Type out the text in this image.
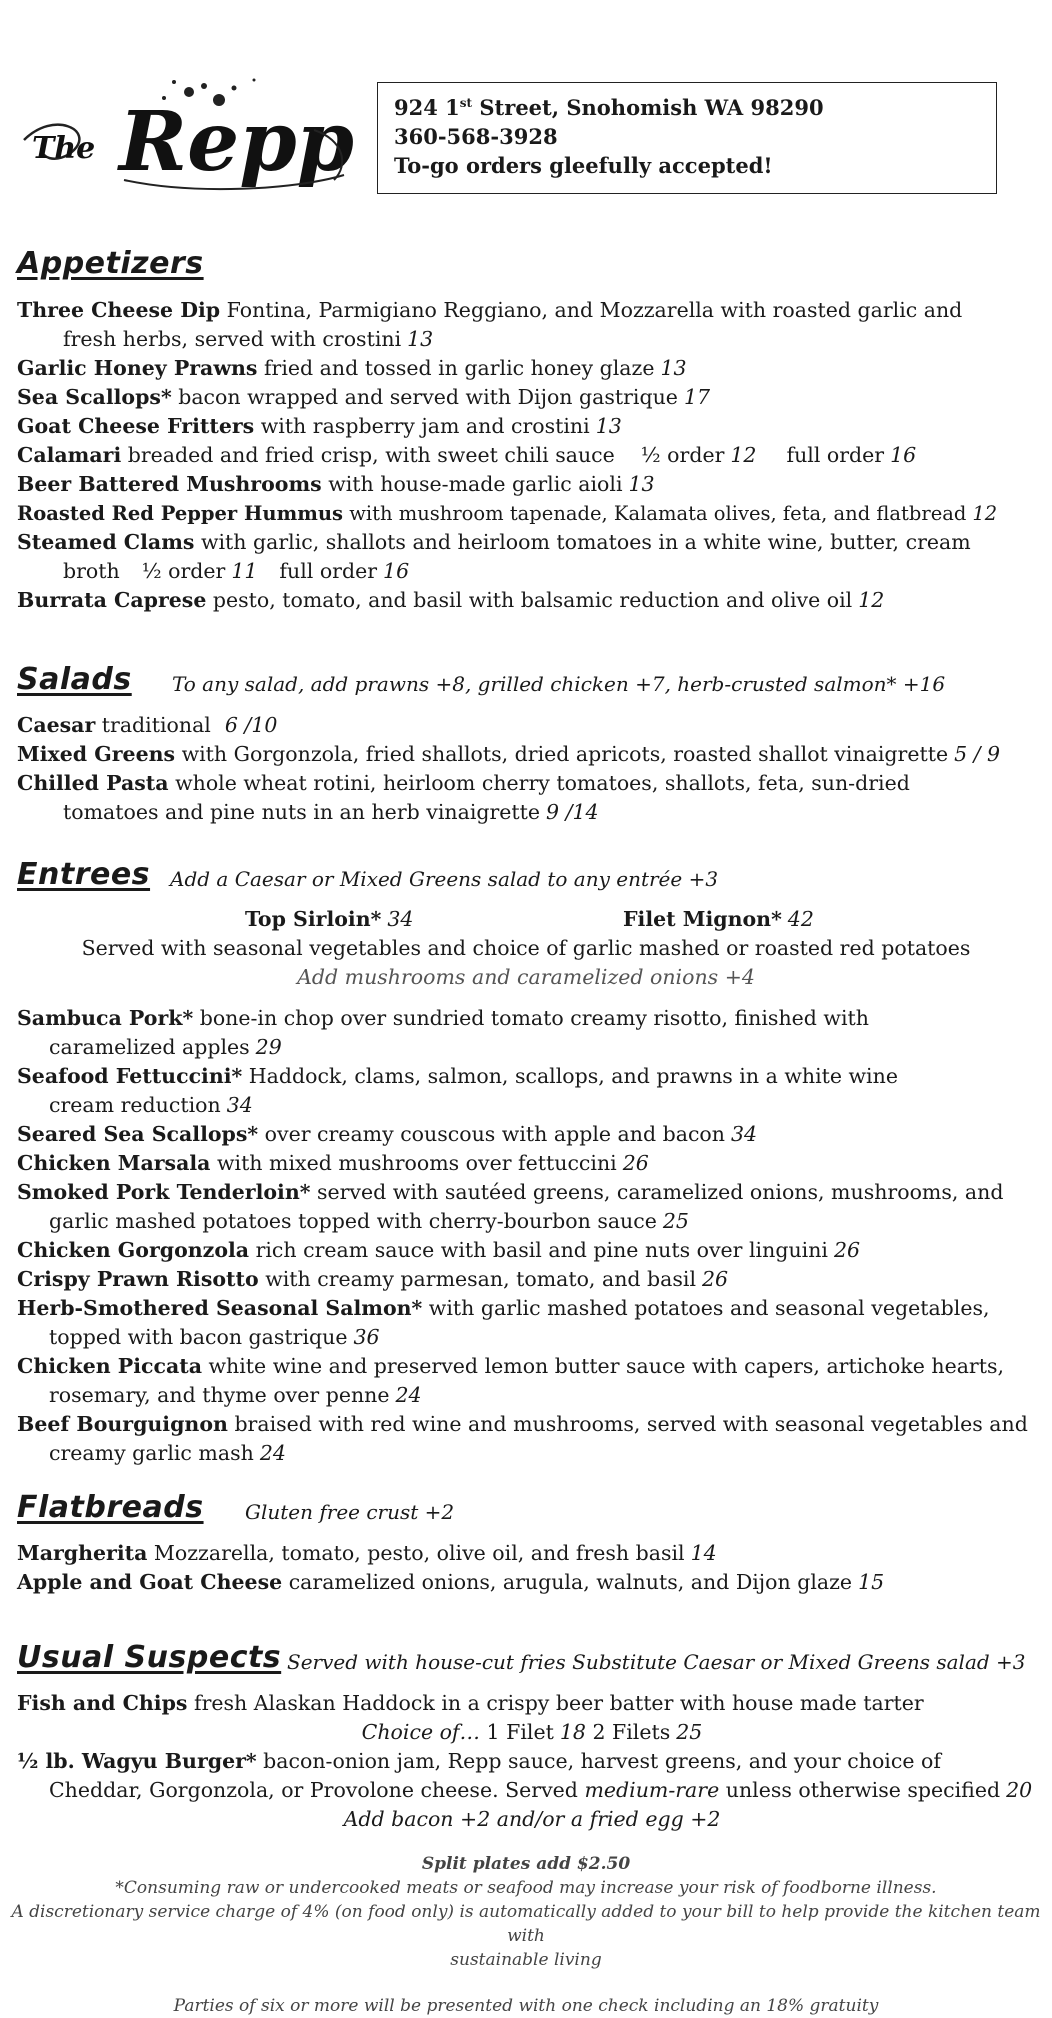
The Repp 924 1st Street, Snohomish WA 98290
360-568-3928
To-go orders gleefully accepted!
Appetizers
Three Cheese Dip Fontina, Parmigiano Reggiano, and Mozzarella with roasted garlic and
fresh herbs, served with crostini 13
Garlic Honey Prawns fried and tossed in garlic honey glaze 13
Sea Scallops* bacon wrapped and served with Dijon gastrique 17
Goat Cheese Fritters with raspberry jam and crostini 13
Calamari breaded and fried crisp, with sweet chili sauce ½ order 12 full order 16
Beer Battered Mushrooms with house-made garlic aioli 13
Roasted Red Pepper Hummus with mushroom tapenade, Kalamata olives, feta, and flatbread 12
Steamed Clams with garlic, shallots and heirloom tomatoes in a white wine, butter, cream
broth ½ order 11 full order 16
Burrata Caprese pesto, tomato, and basil with balsamic reduction and olive oil 12
Salads To any salad, add prawns +8, grilled chicken +7, herb-crusted salmon* +16
Caesar traditional 6 /10
Mixed Greens with Gorgonzola, fried shallots, dried apricots, roasted shallot vinaigrette 5 / 9
Chilled Pasta whole wheat rotini, heirloom cherry tomatoes, shallots, feta, sun-dried
tomatoes and pine nuts in an herb vinaigrette 9 /14
Entrees Add a Caesar or Mixed Greens salad to any entrée +3
Top Sirloin* 34	Filet Mignon* 42
Served with seasonal vegetables and choice of garlic mashed or roasted red potatoes
Add mushrooms and caramelized onions +4
Sambuca Pork* bone-in chop over sundried tomato creamy risotto, finished with
caramelized apples 29
Seafood Fettuccini* Haddock, clams, salmon, scallops, and prawns in a white wine
cream reduction 34
Seared Sea Scallops* over creamy couscous with apple and bacon 34
Chicken Marsala with mixed mushrooms over fettuccini 26
Smoked Pork Tenderloin* served with sautéed greens, caramelized onions, mushrooms, and
garlic mashed potatoes topped with cherry-bourbon sauce 25
Chicken Gorgonzola rich cream sauce with basil and pine nuts over linguini 26
Crispy Prawn Risotto with creamy parmesan, tomato, and basil 26
Herb-Smothered Seasonal Salmon* with garlic mashed potatoes and seasonal vegetables,
topped with bacon gastrique 36
Chicken Piccata white wine and preserved lemon butter sauce with capers, artichoke hearts,
rosemary, and thyme over penne 24
Beef Bourguignon braised with red wine and mushrooms, served with seasonal vegetables and
creamy garlic mash 24
Flatbreads Gluten free crust +2
Margherita Mozzarella, tomato, pesto, olive oil, and fresh basil 14
Apple and Goat Cheese caramelized onions, arugula, walnuts, and Dijon glaze 15
Usual Suspects Served with house-cut fries Substitute Caesar or Mixed Greens salad +3
Fish and Chips fresh Alaskan Haddock in a crispy beer batter with house made tarter
Choice of… 1 Filet 18 2 Filets 25
½ lb. Wagyu Burger* bacon-onion jam, Repp sauce, harvest greens, and your choice of
Cheddar, Gorgonzola, or Provolone cheese. Served medium-rare unless otherwise specified 20
Add bacon +2 and/or a fried egg +2
Split plates add $2.50
*Consuming raw or undercooked meats or seafood may increase your risk of foodborne illness.
A discretionary service charge of 4% (on food only) is automatically added to your bill to help provide the kitchen team with
sustainable living
Parties of six or more will be presented with one check including an 18% gratuity
